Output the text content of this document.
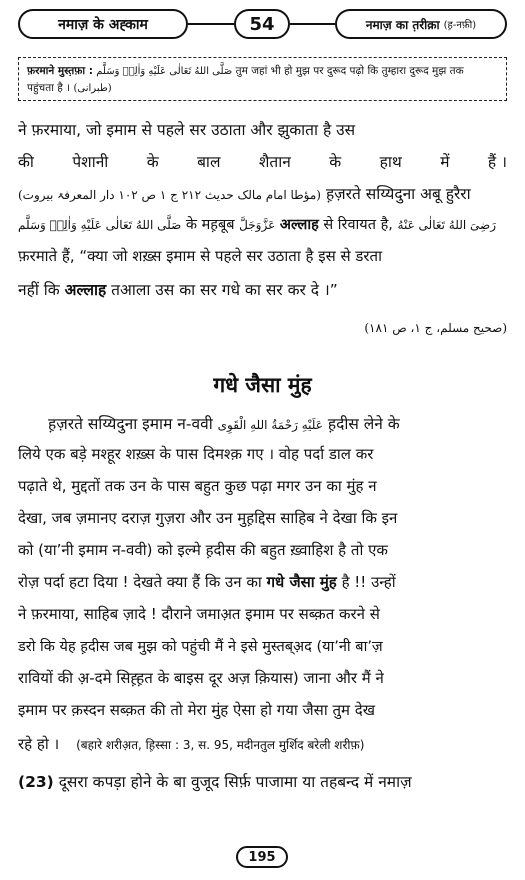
नमाज़ के अह्काम	54	नमाज़ का त़रीक़ा (ह़-नफ़ी)
फ़रमाने मुस्त़फ़ा : صَلَّى اللهُ تَعَالٰى عَلَيْهِ وَاٰلِهٖ وَسَلَّم तुम जहां भी हो मुझ पर दुरूद पढ़ो कि तुम्हारा दुरूद मुझ तक
पहुंचता है । (طبرانی)
ने फ़रमाया, जो इमाम से पहले सर उठाता और झुकाता है उस
की पेशानी के बाल शैतान के हाथ में हैं ।
(مؤطا امام مالک حدیث ۲۱۲ ج ۱ ص ۱۰۲ دار المعرفۃ بیروت) ह़ज़रते सय्यिदुना अबू हुरैरा
صَلَّى اللهُ تَعَالٰى عَلَيْهِ وَاٰلِهٖ وَسَلَّم के मह़बूब عَزَّوَجَلَّ अल्लाह से रिवायत है, رَضِیَ اللهُ تَعَالٰی عَنْهُ
फ़रमाते हैं, “क्या जो शख़्स इमाम से पहले सर उठाता है इस से डरता
नहीं कि अल्लाह तआला उस का सर गधे का सर कर दे ।”
(صحیح مسلم، ج ۱، ص ۱۸۱)
गधे जैसा मुंह
ह़ज़रते सय्यिदुना इमाम न-ववी عَلَیْهِ رَحْمَةُ اللهِ الْقَوِی ह़दीस लेने के
लिये एक बड़े मश्हूर शख़्स के पास दिमश्क़ गए । वोह पर्दा डाल कर
पढ़ाते थे, मुद्दतों तक उन के पास बहुत कुछ पढ़ा मगर उन का मुंह न
देखा, जब ज़मानए दराज़ गुज़रा और उन मुह़द्दिस साहिब ने देखा कि इन
को (या’नी इमाम न-ववी) को इल्मे ह़दीस की बहुत ख़्वाहिश है तो एक
रोज़ पर्दा हटा दिया ! देखते क्या हैं कि उन का गधे जैसा मुंह है !! उन्हों
ने फ़रमाया, साहिब ज़ादे ! दौराने जमाअ़त इमाम पर सब्क़त करने से
डरो कि येह ह़दीस जब मुझ को पहुंची मैं ने इसे मुस्तब्अ़द (या’नी बा’ज़
रावियों की अ़-दमे सिह़्ह़त के बाइस दूर अज़ क़ियास) जाना और मैं ने
इमाम पर क़स्दन सब्क़त की तो मेरा मुंह ऐसा हो गया जैसा तुम देख
रहे हो । (बहारे शरीअ़त, ह़िस्सा : 3, स. 95, मदीनतुल मुर्शिद बरेली शरीफ़)
(23) दूसरा कपड़ा होने के बा वुजूद सिर्फ़ पाजामा या तहबन्द में नमाज़
195
